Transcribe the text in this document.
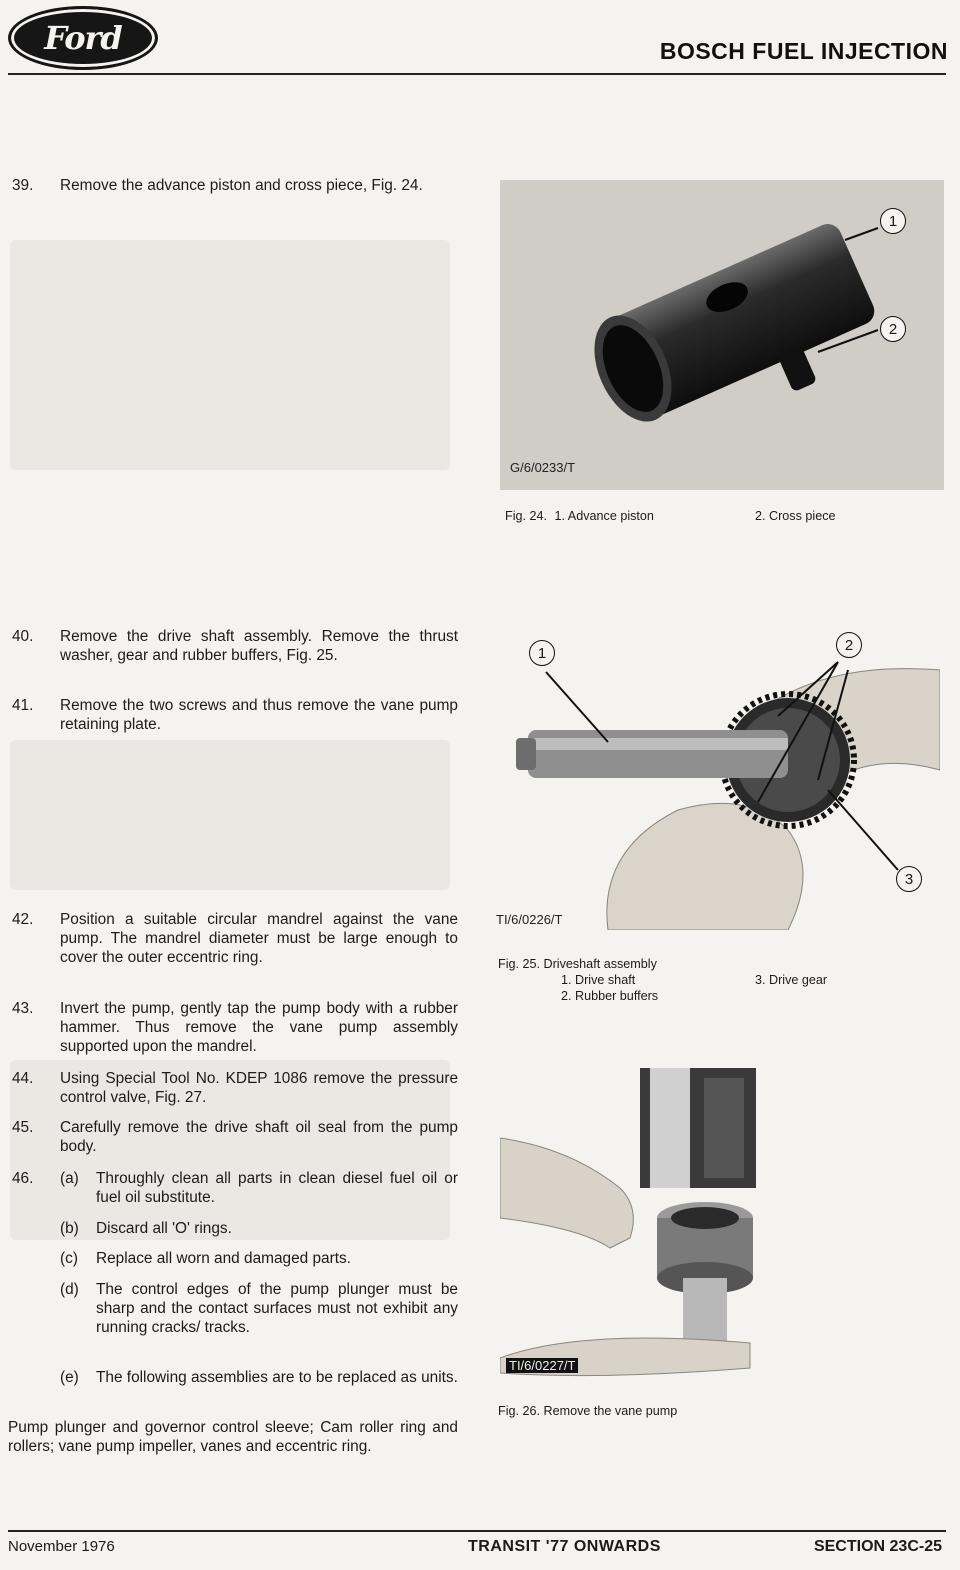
Ford	BOSCH FUEL INJECTION
39. Remove the advance piston and cross piece, Fig. 24.
40. Remove the drive shaft assembly. Remove the thrust washer, gear and rubber buffers, Fig. 25.
41. Remove the two screws and thus remove the vane pump retaining plate.
42. Position a suitable circular mandrel against the vane pump. The mandrel diameter must be large enough to cover the outer eccentric ring.
43. Invert the pump, gently tap the pump body with a rubber hammer. Thus remove the vane pump assembly supported upon the mandrel.
44. Using Special Tool No. KDEP 1086 remove the pressure control valve, Fig. 27.
45. Carefully remove the drive shaft oil seal from the pump body.
46. (a) Throughly clean all parts in clean diesel fuel oil or fuel oil substitute.
(b) Discard all 'O' rings.
(c) Replace all worn and damaged parts.
(d) The control edges of the pump plunger must be sharp and the contact surfaces must not exhibit any running cracks/ tracks.
(e) The following assemblies are to be replaced as units.
Pump plunger and governor control sleeve; Cam roller ring and rollers; vane pump impeller, vanes and eccentric ring.
G/6/0233/T
1
2
Fig. 24. 1. Advance piston	2. Cross piece
TI/6/0226/T
1	2
3
Fig. 25. Driveshaft assembly
1. Drive shaft
2. Rubber buffers
3. Drive gear
TI/6/0227/T
Fig. 26. Remove the vane pump
November 1976	TRANSIT '77 ONWARDS	SECTION 23C-25
